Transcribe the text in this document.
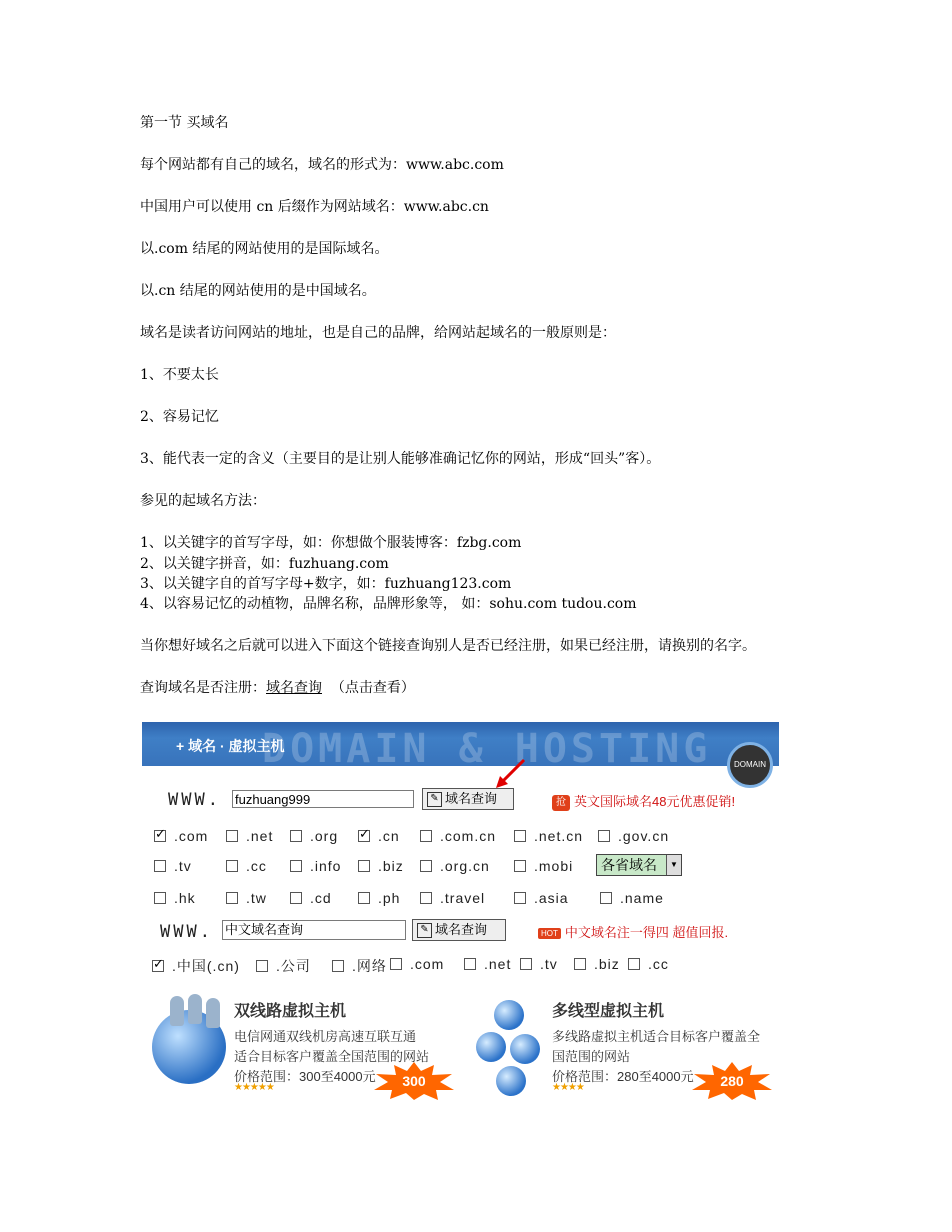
第一节 买域名

每个网站都有自己的域名，域名的形式为：www.abc.com

中国用户可以使用 cn 后缀作为网站域名：www.abc.cn

以.com 结尾的网站使用的是国际域名。

以.cn 结尾的网站使用的是中国域名。

域名是读者访问网站的地址，也是自己的品牌，给网站起域名的一般原则是：

1、不要太长

2、容易记忆

3、能代表一定的含义（主要目的是让别人能够准确记忆你的网站，形成“回头”客）。

参见的起域名方法：

1、以关键字的首写字母，如：你想做个服装博客：fzbg.com

2、以关键字拼音，如：fuzhuang.com

3、以关键字自的首写字母+数字，如：fuzhuang123.com

4、以容易记忆的动植物，品牌名称，品牌形象等， 如：sohu.com tudou.com

当你想好域名之后就可以进入下面这个链接查询别人是否已经注册，如果已经注册，请换别的名字。

查询域名是否注册：域名查询 （点击查看）

DOMAIN & HOSTING
+ 域名 · 虚拟主机
DOMAIN
WWW. fuzhuang999	✎ 域名查询	抢 英文国际域名48元优惠促销!
✓
.com	.net	.org
✓	.cn	.com.cn	.net.cn .gov.cn
.tv	.cc	.info	.biz	.org.cn	.mobi	各省域名	▼
.hk	.tw	.cd	.ph	.travel	.asia	.name
WWW. 中文域名查询	✎ 域名查询	HOT 中文域名注一得四 超值回报.
✓
.中国(.cn)	.公司	.网络 .com	.net .tv	.biz .cc
双线路虚拟主机
电信网通双线机房高速互联互通
适合目标客户覆盖全国范围的网站
价格范围：300至4000元
★★★★★	300
多线型虚拟主机
多线路虚拟主机适合目标客户覆盖全
国范围的网站
价格范围：280至4000元
★★★★	280
